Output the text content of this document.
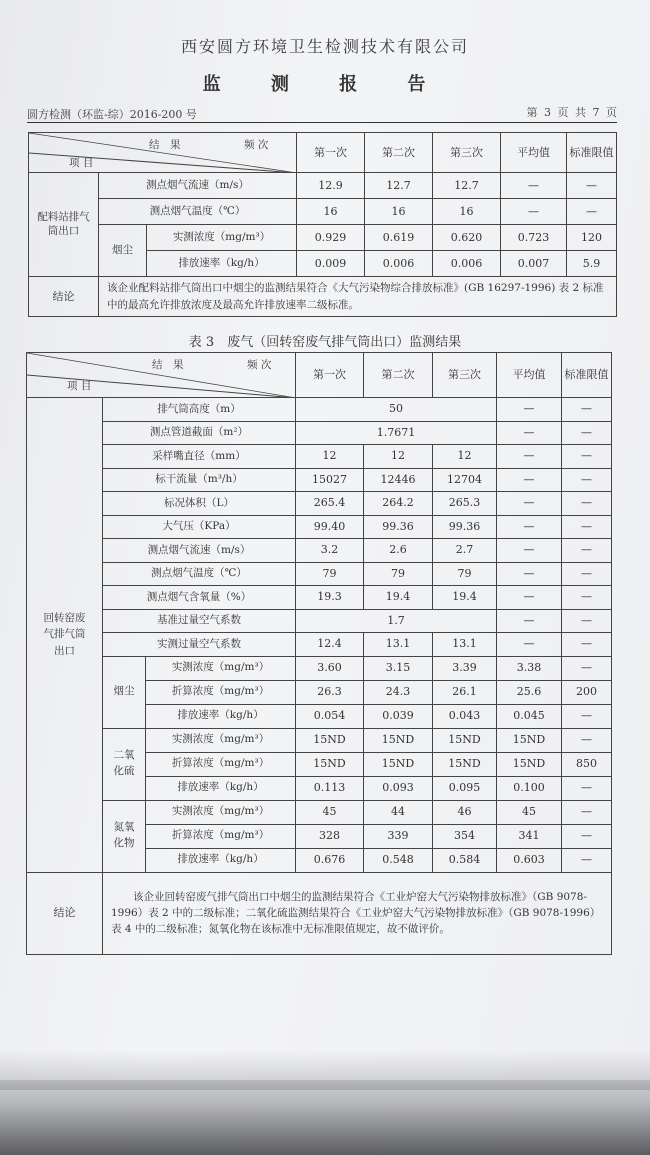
西安圆方环境卫生检测技术有限公司
监 测 报 告
圆方检测（环监-综）2016-200 号	第 3 页 共 7 页
结　果 频 次
项 目			第一次	第二次	第三次	平均值	标准限值
配料站排气筒出口	测点烟气流速（m/s）		12.9	12.7	12.7	—	—
	测点烟气温度（℃）		16	16	16	—	—
	烟尘	实测浓度（mg/m³）	0.929	0.619	0.620	0.723	120
		排放速率（kg/h）	0.009	0.006	0.006	0.007	5.9
结论	该企业配料站排气筒出口中烟尘的监测结果符合《大气污染物综合排放标准》(GB 16297-1996) 表 2 标准中的最高允许排放浓度及最高允许排放速率二级标准。						
表 3　废气（回转窑废气排气筒出口）监测结果
结　果 频 次
项 目			第一次	第二次	第三次	平均值	标准限值
回转窑废气排气筒出口	排气筒高度（m）		50			—	—
	测点管道截面（m²）		1.7671			—	—
	采样嘴直径（mm）		12	12	12	—	—
	标干流量（m³/h）		15027	12446	12704	—	—
	标况体积（L）		265.4	264.2	265.3	—	—
	大气压（KPa）		99.40	99.36	99.36	—	—
	测点烟气流速（m/s）		3.2	2.6	2.7	—	—
	测点烟气温度（℃）		79	79	79	—	—
	测点烟气含氧量（%）		19.3	19.4	19.4	—	—
	基准过量空气系数		1.7			—	—
	实测过量空气系数		12.4	13.1	13.1	—	—
	烟尘	实测浓度（mg/m³）	3.60	3.15	3.39	3.38	—
		折算浓度（mg/m³）	26.3	24.3	26.1	25.6	200
		排放速率（kg/h）	0.054	0.039	0.043	0.045	—
	二氧化硫	实测浓度（mg/m³）	15ND	15ND	15ND	15ND	—
		折算浓度（mg/m³）	15ND	15ND	15ND	15ND	850
		排放速率（kg/h）	0.113	0.093	0.095	0.100	—
	氮氧化物	实测浓度（mg/m³）	45	44	46	45	—
		折算浓度（mg/m³）	328	339	354	341	—
		排放速率（kg/h）	0.676	0.548	0.584	0.603	—
结论	该企业回转窑废气排气筒出口中烟尘的监测结果符合《工业炉窑大气污染物排放标准》（GB 9078-1996）表 2 中的二级标准；二氧化硫监测结果符合《工业炉窑大气污染物排放标准》（GB 9078-1996）表 4 中的二级标准；氮氧化物在该标准中无标准限值规定，故不做评价。						
